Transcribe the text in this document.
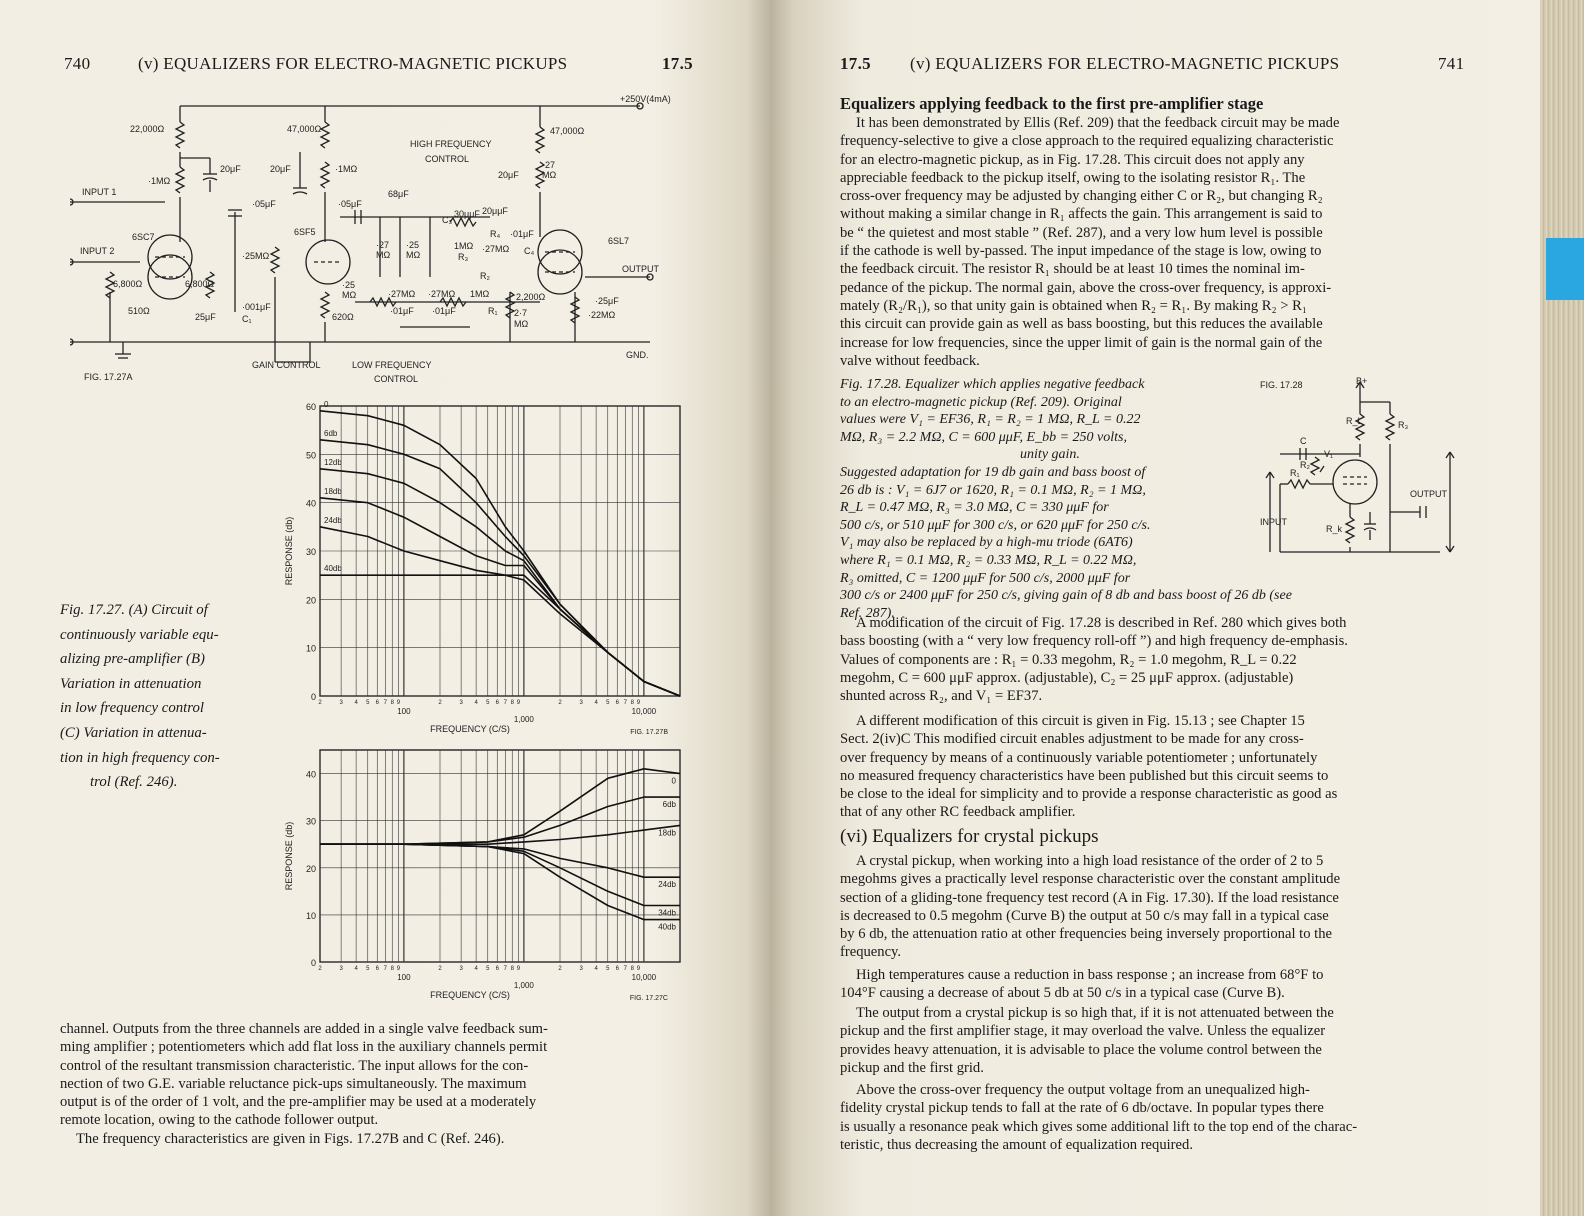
740	(v) EQUALIZERS FOR ELECTRO-MAGNETIC PICKUPS	17.5
+250V(4mA)
22,000Ω
·1MΩ
20μF
INPUT 1
INPUT 2
6SC7
6,800Ω	6,800Ω
510Ω
25μF
·25MΩ
·001μF
C₁
·05μF
20μF
47,000Ω
·1MΩ
·05μF
6SF5
620Ω
HIGH FREQUENCY
CONTROL
68μF
·27
MΩ
·25
MΩ
30μμF
C₃
20μμF
R₄ ·01μF
1MΩ ·27MΩ C₄
R₃
R₂
·25
MΩ	·27MΩ ·27MΩ 1MΩ
·01μF ·01μF	R₁ 2·7
MΩ
47,000Ω
20μF
·27
MΩ
6SL7
OUTPUT
2,200Ω	·25μF
·22MΩ
GND.
GAIN CONTROL	LOW FREQUENCY
CONTROL
FIG. 17.27A
0
10
20
30
40
50
60
2	3 4 5 6 7 8 9	2	3 4 5 6 7 8 9	2	3 4 5 6 7 8 9
100
1,000
10,000
FREQUENCY (C/S)
RESPONSE (db)
FIG. 17.27B
0
6db
12db
18db
24db
40db
0
10
20
30
40
2	3 4 5 6 7 8 9	2	3 4 5 6 7 8 9	2	3 4 5 6 7 8 9
100
1,000
10,000
FREQUENCY (C/S)
RESPONSE (db)
FIG. 17.27C
0
6db
18db
24db
34db
40db
Fig. 17.27. (A) Circuit of
continuously variable equ-
alizing pre-amplifier (B)
Variation in attenuation
in low frequency control
(C) Variation in attenua-
tion in high frequency con-
trol (Ref. 246).
channel. Outputs from the three channels are added in a single valve feedback sum-
ming amplifier ; potentiometers which add flat loss in the auxiliary channels permit
control of the resultant transmission characteristic. The input allows for the con-
nection of two G.E. variable reluctance pick-ups simultaneously. The maximum
output is of the order of 1 volt, and the pre-amplifier may be used at a moderately
remote location, owing to the cathode follower output.
The frequency characteristics are given in Figs. 17.27B and C (Ref. 246).
17.5 (v) EQUALIZERS FOR ELECTRO-MAGNETIC PICKUPS	741
Equalizers applying feedback to the first pre-amplifier stage
It has been demonstrated by Ellis (Ref. 209) that the feedback circuit may be made
frequency-selective to give a close approach to the required equalizing characteristic
for an electro-magnetic pickup, as in Fig. 17.28. This circuit does not apply any
appreciable feedback to the pickup itself, owing to the isolating resistor R₁. The
cross-over frequency may be adjusted by changing either C or R₂, but changing R₂
without making a similar change in R₁ affects the gain. This arrangement is said to
be “ the quietest and most stable ” (Ref. 287), and a very low hum level is possible
if the cathode is well by-passed. The input impedance of the stage is low, owing to
the feedback circuit. The resistor R₁ should be at least 10 times the nominal im-
pedance of the pickup. The normal gain, above the cross-over frequency, is approxi-
mately (R₂/R₁), so that unity gain is obtained when R₂ = R₁. By making R₂ > R₁
this circuit can provide gain as well as bass boosting, but this reduces the available
increase for low frequencies, since the upper limit of gain is the normal gain of the
valve without feedback.
Fig. 17.28. Equalizer which applies negative feedback
to an electro-magnetic pickup (Ref. 209). Original
values were V₁ = EF36, R₁ = R₂ = 1 MΩ, R_L = 0.22
MΩ, R₃ = 2.2 MΩ, C = 600 μμF, E_bb = 250 volts,
unity gain.
Suggested adaptation for 19 db gain and bass boost of
26 db is : V₁ = 6J7 or 1620, R₁ = 0.1 MΩ, R₂ = 1 MΩ,
R_L = 0.47 MΩ, R₃ = 3.0 MΩ, C = 330 μμF for
500 c/s, or 510 μμF for 300 c/s, or 620 μμF for 250 c/s.
V₁ may also be replaced by a high-mu triode (6AT6)
where R₁ = 0.1 MΩ, R₂ = 0.33 MΩ, R_L = 0.22 MΩ,
R₃ omitted, C = 1200 μμF for 500 c/s, 2000 μμF for
300 c/s or 2400 μμF for 250 c/s, giving gain of 8 db and bass boost of 26 db (see
Ref. 287).
FIG. 17.28	B+
R_L	R₃
C
V₁
R₂
R₁
R_k
INPUT
OUTPUT
A modification of the circuit of Fig. 17.28 is described in Ref. 280 which gives both
bass boosting (with a “ very low frequency roll-off ”) and high frequency de-emphasis.
Values of components are : R₁ = 0.33 megohm, R₂ = 1.0 megohm, R_L = 0.22
megohm, C = 600 μμF approx. (adjustable), C₂ = 25 μμF approx. (adjustable)
shunted across R₂, and V₁ = EF37.
A different modification of this circuit is given in Fig. 15.13 ; see Chapter 15
Sect. 2(iv)C This modified circuit enables adjustment to be made for any cross-
over frequency by means of a continuously variable potentiometer ; unfortunately
no measured frequency characteristics have been published but this circuit seems to
be close to the ideal for simplicity and to provide a response characteristic as good as
that of any other RC feedback amplifier.
(vi) Equalizers for crystal pickups
A crystal pickup, when working into a high load resistance of the order of 2 to 5
megohms gives a practically level response characteristic over the constant amplitude
section of a gliding-tone frequency test record (A in Fig. 17.30). If the load resistance
is decreased to 0.5 megohm (Curve B) the output at 50 c/s may fall in a typical case
by 6 db, the attenuation ratio at other frequencies being inversely proportional to the
frequency.
High temperatures cause a reduction in bass response ; an increase from 68°F to
104°F causing a decrease of about 5 db at 50 c/s in a typical case (Curve B).
The output from a crystal pickup is so high that, if it is not attenuated between the
pickup and the first amplifier stage, it may overload the valve. Unless the equalizer
provides heavy attenuation, it is advisable to place the volume control between the
pickup and the first grid.
Above the cross-over frequency the output voltage from an unequalized high-
fidelity crystal pickup tends to fall at the rate of 6 db/octave. In popular types there
is usually a resonance peak which gives some additional lift to the top end of the charac-
teristic, thus decreasing the amount of equalization required.
